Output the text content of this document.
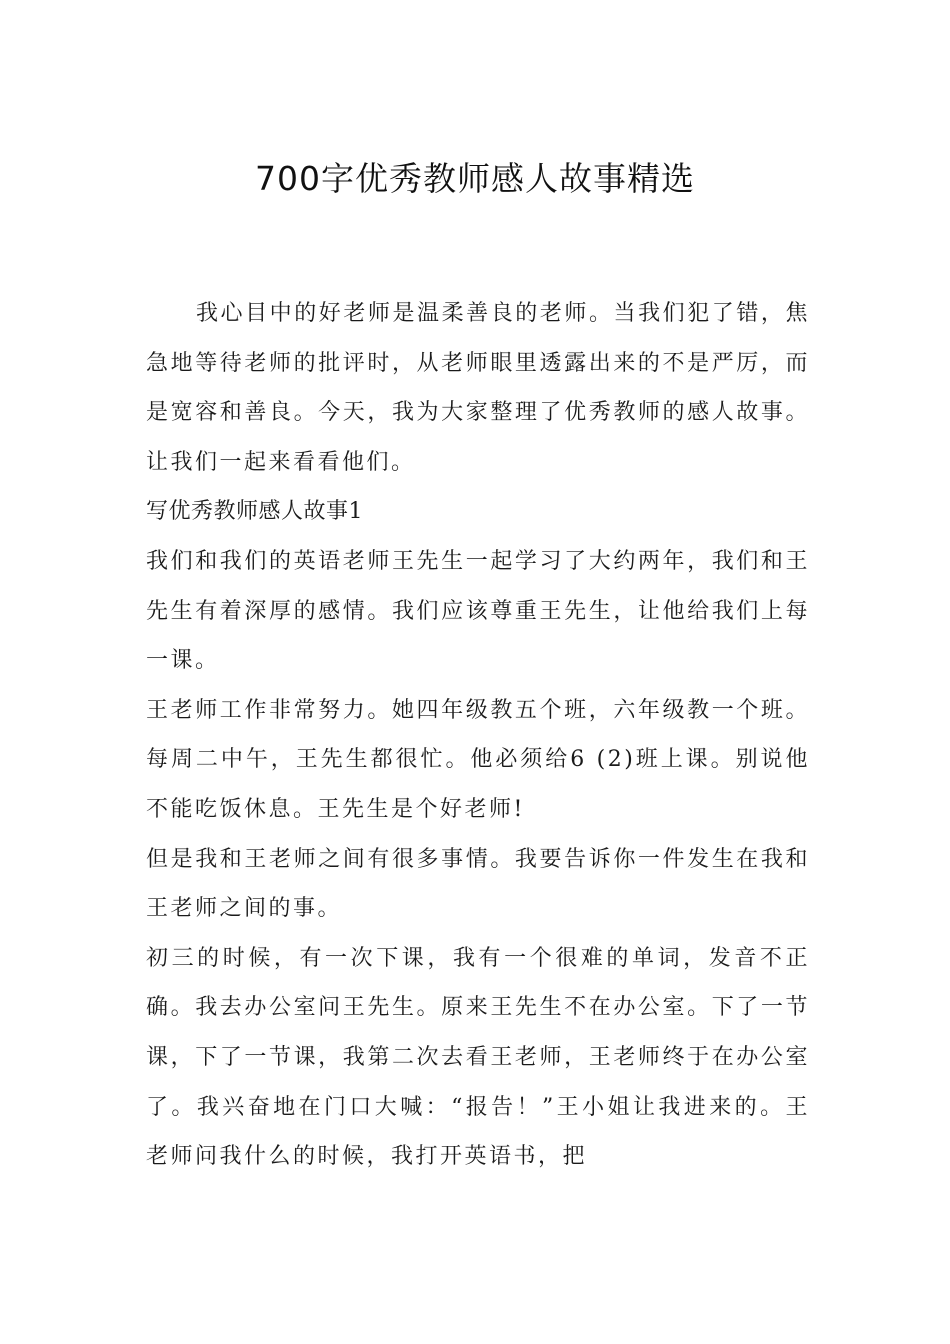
700字优秀教师感人故事精选

我心目中的好老师是温柔善良的老师。当我们犯了错，焦急地等待老师的批评时，从老师眼里透露出来的不是严厉，而是宽容和善良。今天，我为大家整理了优秀教师的感人故事。让我们一起来看看他们。

写优秀教师感人故事1

我们和我们的英语老师王先生一起学习了大约两年，我们和王先生有着深厚的感情。我们应该尊重王先生，让他给我们上每一课。

王老师工作非常努力。她四年级教五个班，六年级教一个班。每周二中午，王先生都很忙。他必须给6 (2)班上课。别说他不能吃饭休息。王先生是个好老师!

但是我和王老师之间有很多事情。我要告诉你一件发生在我和王老师之间的事。

初三的时候，有一次下课，我有一个很难的单词，发音不正确。我去办公室问王先生。原来王先生不在办公室。下了一节课，下了一节课，我第二次去看王老师，王老师终于在办公室了。我兴奋地在门口大喊：“报告！”王小姐让我进来的。王老师问我什么的时候，我打开英语书，把
